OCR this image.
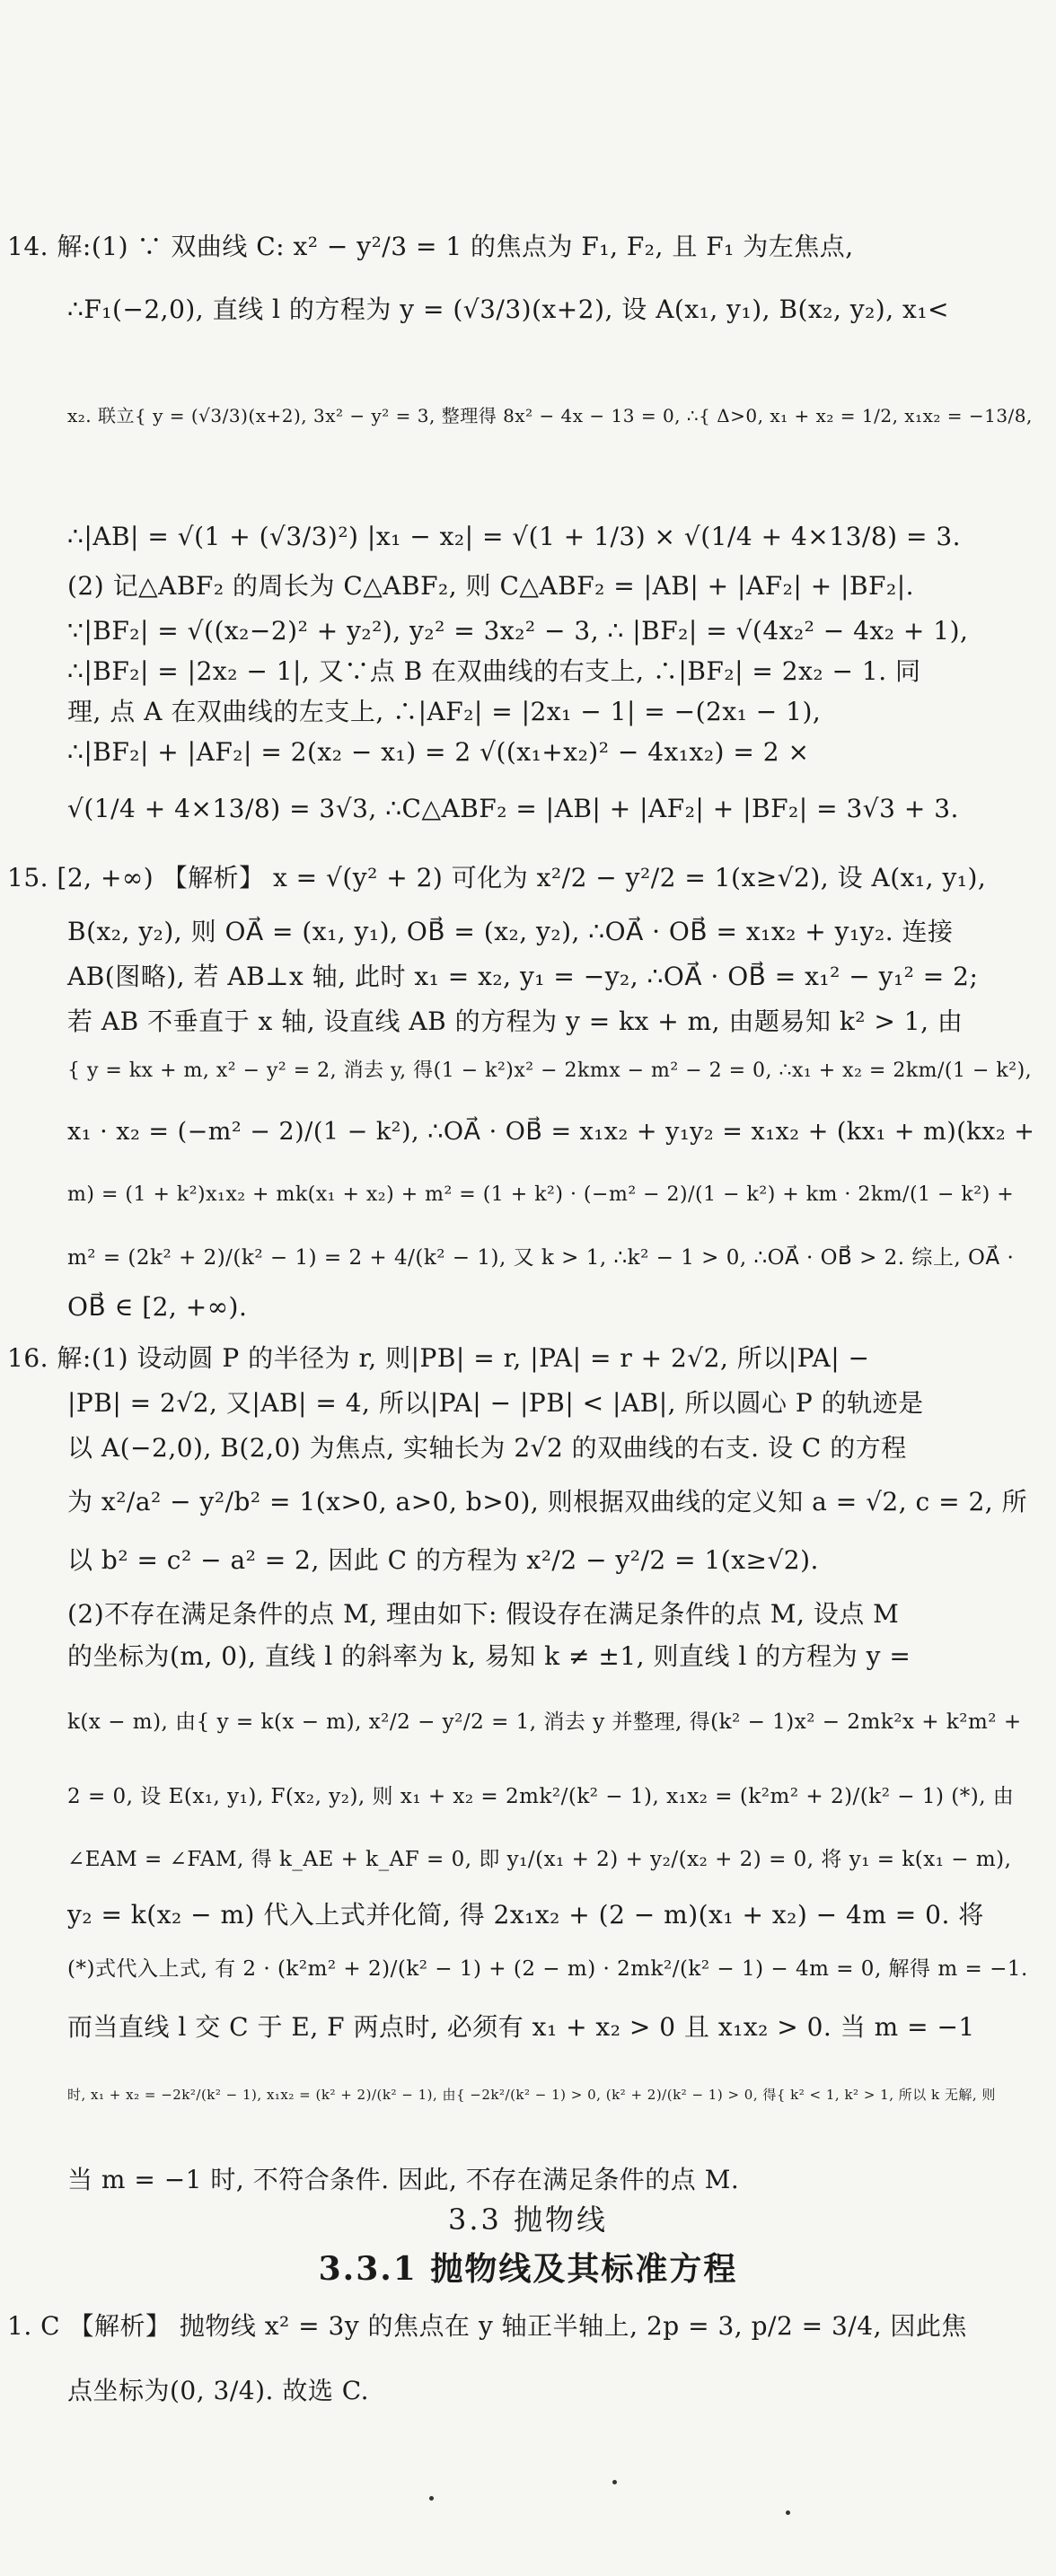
14. 解:(1) ∵ 双曲线 C: x² − y²/3 = 1 的焦点为 F₁, F₂, 且 F₁ 为左焦点,
∴F₁(−2,0), 直线 l 的方程为 y = (√3/3)(x+2), 设 A(x₁, y₁), B(x₂, y₂), x₁<
x₂. 联立{ y = (√3/3)(x+2), 3x² − y² = 3, 整理得 8x² − 4x − 13 = 0, ∴{ Δ>0, x₁ + x₂ = 1/2, x₁x₂ = −13/8,
∴|AB| = √(1 + (√3/3)²) |x₁ − x₂| = √(1 + 1/3) × √(1/4 + 4×13/8) = 3.
(2) 记△ABF₂ 的周长为 C△ABF₂, 则 C△ABF₂ = |AB| + |AF₂| + |BF₂|.
∵|BF₂| = √((x₂−2)² + y₂²), y₂² = 3x₂² − 3, ∴ |BF₂| = √(4x₂² − 4x₂ + 1),
∴|BF₂| = |2x₂ − 1|, 又∵点 B 在双曲线的右支上, ∴|BF₂| = 2x₂ − 1. 同
理, 点 A 在双曲线的左支上, ∴|AF₂| = |2x₁ − 1| = −(2x₁ − 1),
∴|BF₂| + |AF₂| = 2(x₂ − x₁) = 2 √((x₁+x₂)² − 4x₁x₂) = 2 ×
√(1/4 + 4×13/8) = 3√3, ∴C△ABF₂ = |AB| + |AF₂| + |BF₂| = 3√3 + 3.
15. [2, +∞) 【解析】 x = √(y² + 2) 可化为 x²/2 − y²/2 = 1(x≥√2), 设 A(x₁, y₁),
B(x₂, y₂), 则 OA⃗ = (x₁, y₁), OB⃗ = (x₂, y₂), ∴OA⃗ · OB⃗ = x₁x₂ + y₁y₂. 连接
AB(图略), 若 AB⊥x 轴, 此时 x₁ = x₂, y₁ = −y₂, ∴OA⃗ · OB⃗ = x₁² − y₁² = 2;
若 AB 不垂直于 x 轴, 设直线 AB 的方程为 y = kx + m, 由题易知 k² > 1, 由
{ y = kx + m, x² − y² = 2, 消去 y, 得(1 − k²)x² − 2kmx − m² − 2 = 0, ∴x₁ + x₂ = 2km/(1 − k²),
x₁ · x₂ = (−m² − 2)/(1 − k²), ∴OA⃗ · OB⃗ = x₁x₂ + y₁y₂ = x₁x₂ + (kx₁ + m)(kx₂ +
m) = (1 + k²)x₁x₂ + mk(x₁ + x₂) + m² = (1 + k²) · (−m² − 2)/(1 − k²) + km · 2km/(1 − k²) +
m² = (2k² + 2)/(k² − 1) = 2 + 4/(k² − 1), 又 k > 1, ∴k² − 1 > 0, ∴OA⃗ · OB⃗ > 2. 综上, OA⃗ ·
OB⃗ ∈ [2, +∞).
16. 解:(1) 设动圆 P 的半径为 r, 则|PB| = r, |PA| = r + 2√2, 所以|PA| −
|PB| = 2√2, 又|AB| = 4, 所以|PA| − |PB| < |AB|, 所以圆心 P 的轨迹是
以 A(−2,0), B(2,0) 为焦点, 实轴长为 2√2 的双曲线的右支. 设 C 的方程
为 x²/a² − y²/b² = 1(x>0, a>0, b>0), 则根据双曲线的定义知 a = √2, c = 2, 所
以 b² = c² − a² = 2, 因此 C 的方程为 x²/2 − y²/2 = 1(x≥√2).
(2)不存在满足条件的点 M, 理由如下: 假设存在满足条件的点 M, 设点 M
的坐标为(m, 0), 直线 l 的斜率为 k, 易知 k ≠ ±1, 则直线 l 的方程为 y =
k(x − m), 由{ y = k(x − m), x²/2 − y²/2 = 1, 消去 y 并整理, 得(k² − 1)x² − 2mk²x + k²m² +
2 = 0, 设 E(x₁, y₁), F(x₂, y₂), 则 x₁ + x₂ = 2mk²/(k² − 1), x₁x₂ = (k²m² + 2)/(k² − 1) (*), 由
∠EAM = ∠FAM, 得 k_AE + k_AF = 0, 即 y₁/(x₁ + 2) + y₂/(x₂ + 2) = 0, 将 y₁ = k(x₁ − m),
y₂ = k(x₂ − m) 代入上式并化简, 得 2x₁x₂ + (2 − m)(x₁ + x₂) − 4m = 0. 将
(*)式代入上式, 有 2 · (k²m² + 2)/(k² − 1) + (2 − m) · 2mk²/(k² − 1) − 4m = 0, 解得 m = −1.
而当直线 l 交 C 于 E, F 两点时, 必须有 x₁ + x₂ > 0 且 x₁x₂ > 0. 当 m = −1
时, x₁ + x₂ = −2k²/(k² − 1), x₁x₂ = (k² + 2)/(k² − 1), 由{ −2k²/(k² − 1) > 0, (k² + 2)/(k² − 1) > 0, 得{ k² < 1, k² > 1, 所以 k 无解, 则
当 m = −1 时, 不符合条件. 因此, 不存在满足条件的点 M.
3.3 抛物线
3.3.1 抛物线及其标准方程
1. C 【解析】 抛物线 x² = 3y 的焦点在 y 轴正半轴上, 2p = 3, p/2 = 3/4, 因此焦
点坐标为(0, 3/4). 故选 C.
